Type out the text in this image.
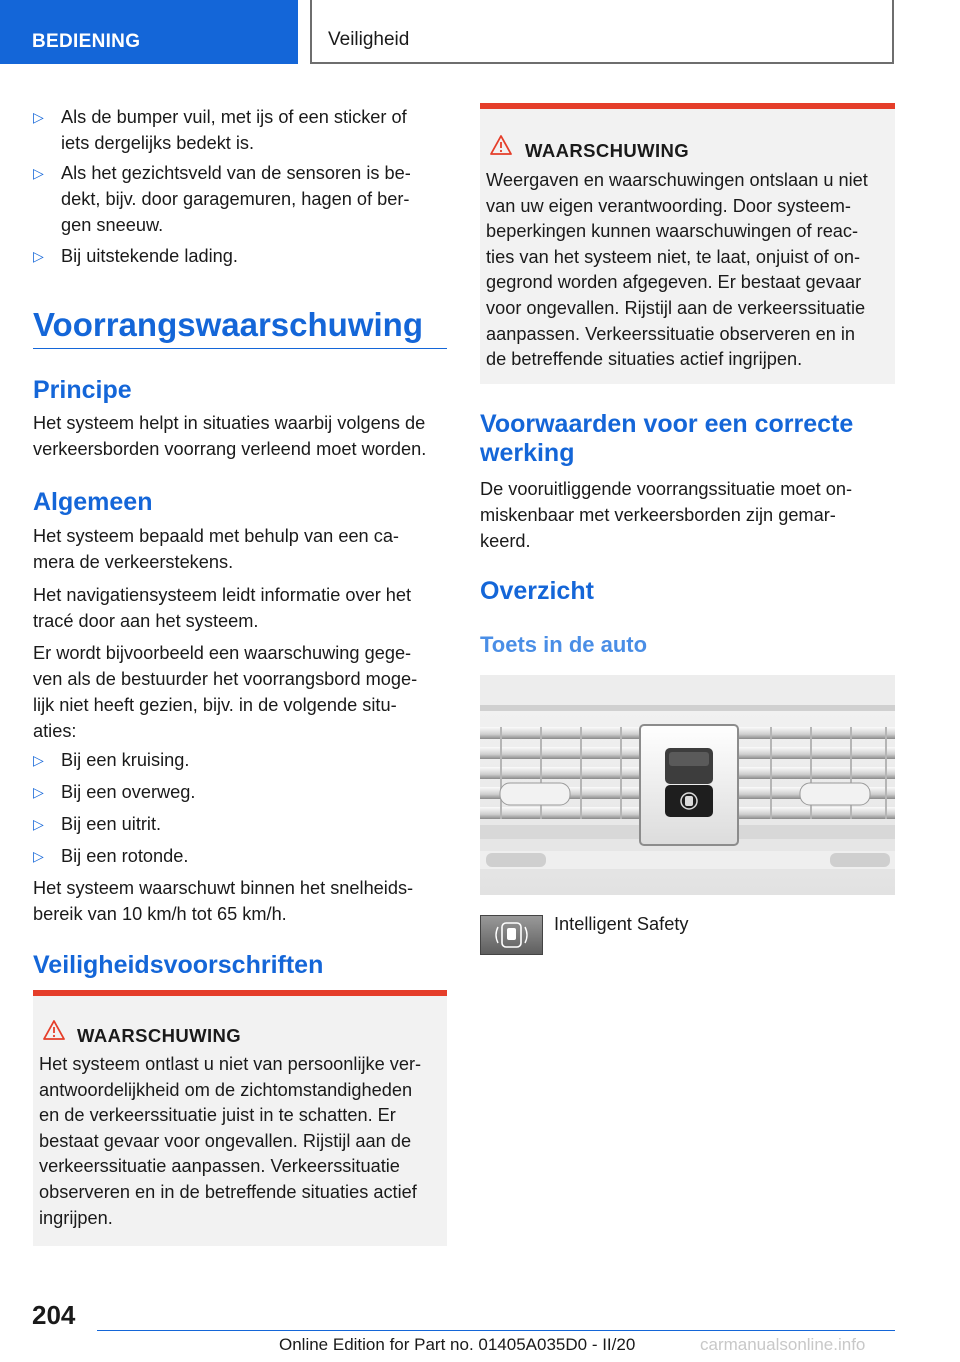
BEDIENING	Veiligheid
▷ Als de bumper vuil, met ijs of een sticker of
iets dergelijks bedekt is.
▷ Als het gezichtsveld van de sensoren is be-
dekt, bijv. door garagemuren, hagen of ber-
gen sneeuw.
▷ Bij uitstekende lading.
Voorrangswaarschuwing
Principe
Het systeem helpt in situaties waarbij volgens de
verkeersborden voorrang verleend moet worden.
Algemeen
Het systeem bepaald met behulp van een ca-
mera de verkeerstekens.
Het navigatiensysteem leidt informatie over het
tracé door aan het systeem.
Er wordt bijvoorbeeld een waarschuwing gege-
ven als de bestuurder het voorrangsbord moge-
lijk niet heeft gezien, bijv. in de volgende situ-
aties:
▷ Bij een kruising.
▷ Bij een overweg.
▷ Bij een uitrit.
▷ Bij een rotonde.
Het systeem waarschuwt binnen het snelheids-
bereik van 10 km/h tot 65 km/h.
Veiligheidsvoorschriften
WAARSCHUWING
Het systeem ontlast u niet van persoonlijke ver-
antwoordelijkheid om de zichtomstandigheden
en de verkeerssituatie juist in te schatten. Er
bestaat gevaar voor ongevallen. Rijstijl aan de
verkeerssituatie aanpassen. Verkeerssituatie
observeren en in de betreffende situaties actief
ingrijpen.
WAARSCHUWING
Weergaven en waarschuwingen ontslaan u niet
van uw eigen verantwoording. Door systeem-
beperkingen kunnen waarschuwingen of reac-
ties van het systeem niet, te laat, onjuist of on-
gegrond worden afgegeven. Er bestaat gevaar
voor ongevallen. Rijstijl aan de verkeerssituatie
aanpassen. Verkeerssituatie observeren en in
de betreffende situaties actief ingrijpen.
Voorwaarden voor een correcte
werking
De vooruitliggende voorrangssituatie moet on-
miskenbaar met verkeersborden zijn gemar-
keerd.
Overzicht
Toets in de auto
Intelligent Safety
204
Online Edition for Part no. 01405A035D0 - II/20	carmanualsonline.info
